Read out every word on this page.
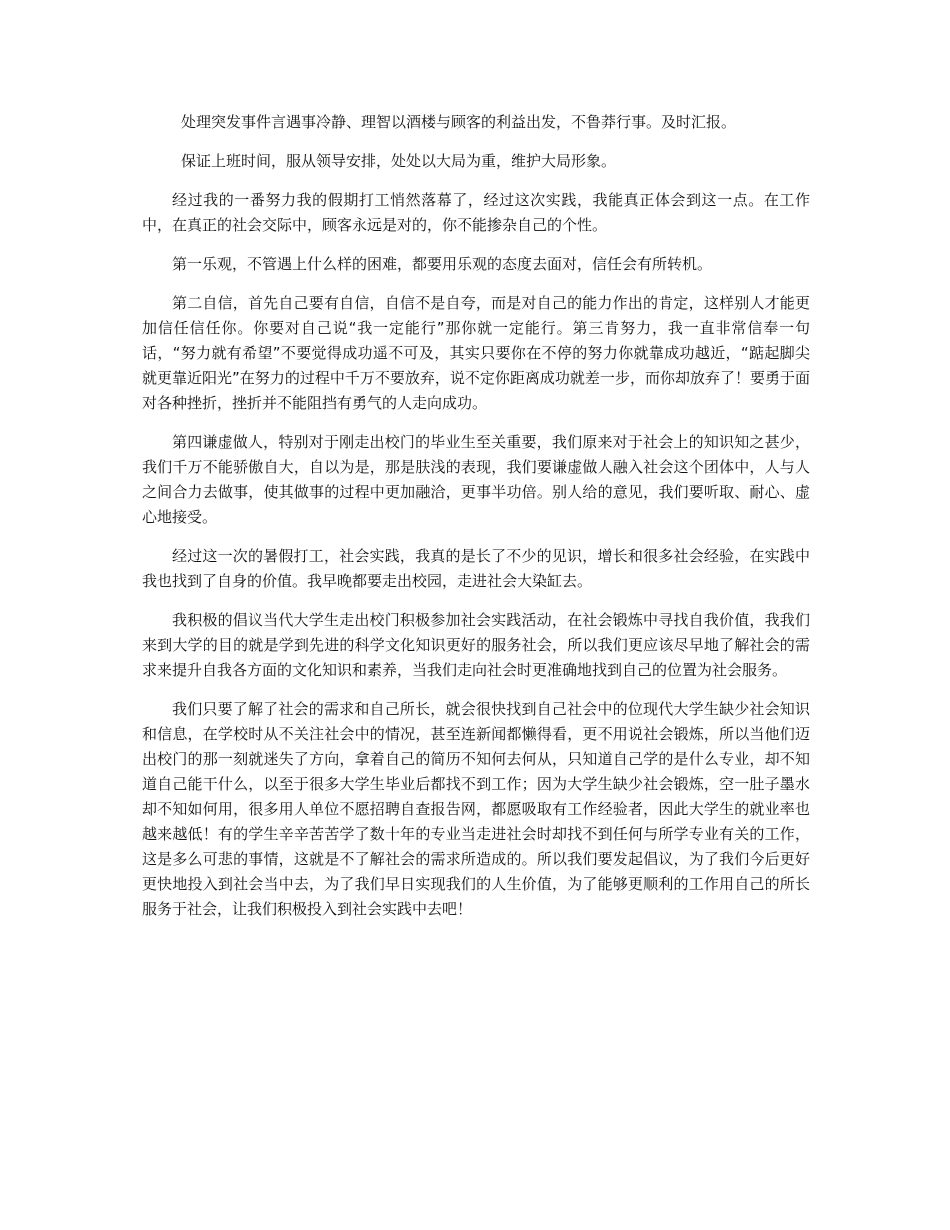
处理突发事件言遇事冷静、理智以酒楼与顾客的利益出发，不鲁莽行事。及时汇报。

保证上班时间，服从领导安排，处处以大局为重，维护大局形象。

经过我的一番努力我的假期打工悄然落幕了，经过这次实践，我能真正体会到这一点。在工作中，在真正的社会交际中，顾客永远是对的，你不能掺杂自己的个性。

第一乐观，不管遇上什么样的困难，都要用乐观的态度去面对，信任会有所转机。

第二自信，首先自己要有自信，自信不是自夸，而是对自己的能力作出的肯定，这样别人才能更加信任信任你。你要对自己说“我一定能行”那你就一定能行。第三肯努力，我一直非常信奉一句话，“努力就有希望”不要觉得成功遥不可及，其实只要你在不停的努力你就靠成功越近，“踮起脚尖就更靠近阳光”在努力的过程中千万不要放弃，说不定你距离成功就差一步，而你却放弃了！要勇于面对各种挫折，挫折并不能阻挡有勇气的人走向成功。

第四谦虚做人，特别对于刚走出校门的毕业生至关重要，我们原来对于社会上的知识知之甚少，我们千万不能骄傲自大，自以为是，那是肤浅的表现，我们要谦虚做人融入社会这个团体中，人与人之间合力去做事，使其做事的过程中更加融洽，更事半功倍。别人给的意见，我们要听取、耐心、虚心地接受。

经过这一次的暑假打工，社会实践，我真的是长了不少的见识，增长和很多社会经验，在实践中我也找到了自身的价值。我早晚都要走出校园，走进社会大染缸去。

我积极的倡议当代大学生走出校门积极参加社会实践活动，在社会锻炼中寻找自我价值，我我们来到大学的目的就是学到先进的科学文化知识更好的服务社会，所以我们更应该尽早地了解社会的需求来提升自我各方面的文化知识和素养，当我们走向社会时更准确地找到自己的位置为社会服务。

我们只要了解了社会的需求和自己所长，就会很快找到自己社会中的位现代大学生缺少社会知识和信息，在学校时从不关注社会中的情况，甚至连新闻都懒得看，更不用说社会锻炼，所以当他们迈出校门的那一刻就迷失了方向，拿着自己的简历不知何去何从，只知道自己学的是什么专业，却不知道自己能干什么，以至于很多大学生毕业后都找不到工作；因为大学生缺少社会锻炼，空一肚子墨水却不知如何用，很多用人单位不愿招聘自查报告网，都愿吸取有工作经验者，因此大学生的就业率也越来越低！有的学生辛辛苦苦学了数十年的专业当走进社会时却找不到任何与所学专业有关的工作，这是多么可悲的事情，这就是不了解社会的需求所造成的。所以我们要发起倡议，为了我们今后更好更快地投入到社会当中去，为了我们早日实现我们的人生价值，为了能够更顺利的工作用自己的所长服务于社会，让我们积极投入到社会实践中去吧！
